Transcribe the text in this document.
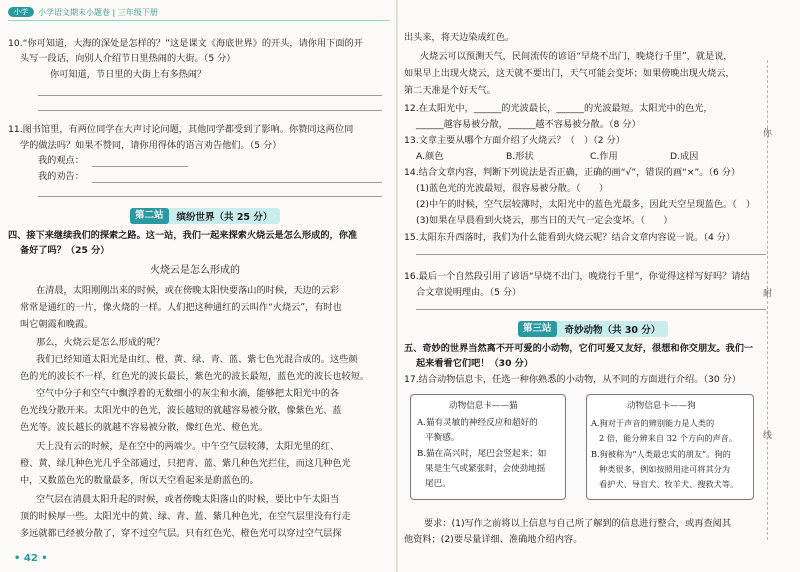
小学	小学语文期末小题卷 | 三年级下册
10.“你可知道，大海的深处是怎样的？”这是课文《海底世界》的开头，请你用下面的开
头写一段话，向别人介绍节日里热闹的大街。（5 分）
你可知道，节日里的大街上有多热闹？
11.图书馆里，有两位同学在大声讨论问题，其他同学都受到了影响。你赞同这两位同
学的做法吗？如果不赞同，请你用得体的语言劝告他们。（5 分）
我的观点：
我的劝告：
第二站	缤纷世界（共 25 分）
四、接下来继续我们的探索之路。这一站，我们一起来探索火烧云是怎么形成的，你准
备好了吗？（25 分）
火烧云是怎么形成的
在清晨，太阳刚刚出来的时候，或在傍晚太阳快要落山的时候，天边的云彩
常常是通红的一片，像火烧的一样。人们把这种通红的云叫作“火烧云”，有时也
叫它朝霞和晚霞。
那么，火烧云是怎么形成的呢？
我们已经知道太阳光是由红、橙、黄、绿、青、蓝、紫七色光混合成的。这些颜
色的光的波长不一样，红色光的波长最长，紫色光的波长最短，蓝色光的波长也较短。
空气中分子和空气中飘浮着的无数细小的灰尘和水滴，能够把太阳光中的各
色光线分散开来。太阳光中的色光，波长越短的就越容易被分散，像紫色光、蓝
色光等。波长越长的就越不容易被分散，像红色光、橙色光。
天上没有云的时候，是在空中的两端少。中午空气层较薄，太阳光里的红、
橙、黄、绿几种色光几乎全部通过，只把青、蓝、紫几种色光拦住，而这几种色光
中，又数蓝色光的数量最多，所以天空看起来是蔚蓝色的。
空气层在清晨太阳升起的时候，或者傍晚太阳落山的时候，要比中午太阳当
顶的时候厚一些。太阳光中的黄、绿、青、蓝、紫几种色光，在空气层里没有行走
多远就都已经被分散了，穿不过空气层。只有红色光、橙色光可以穿过空气层探
• 42 •
出头来，将天边染成红色。
火烧云可以预测天气，民间流传的谚语“早烧不出门，晚烧行千里”，就是说，
如果早上出现火烧云，这天就不要出门，天气可能会变坏；如果傍晚出现火烧云，
第二天准是个好天气。
12.在太阳光中，______的光波最长，______的光波最短。太阳光中的色光，
______越容易被分散，______越不容易被分散。（8 分）
13.文章主要从哪个方面介绍了火烧云？（　）（2 分）
A.颜色	B.形状	C.作用	D.成因
14.结合文章内容，判断下列说法是否正确，正确的画“√”，错误的画“×”。（6 分）
(1)蓝色光的光波最短，很容易被分散。（　　）
(2)中午的时候，空气层较薄时，太阳光中的蓝色光最多，因此天空呈现蓝色。（　）
(3)如果在早晨看到火烧云，那当日的天气一定会变坏。（　　）
15.太阳东升西落时，我们为什么能看到火烧云呢？结合文章内容说一说。（4 分）
16.最后一个自然段引用了谚语“早烧不出门，晚烧行千里”，你觉得这样写好吗？请结
合文章说明理由。（5 分）
第三站	奇妙动物（共 30 分）
五、奇妙的世界当然离不开可爱的小动物，它们可爱又友好，很想和你交朋友。我们一
起来看看它们吧！（30 分）
17.结合动物信息卡，任选一种你熟悉的小动物，从不同的方面进行介绍。（30 分）
动物信息卡——猫
A.猫有灵敏的神经反应和超好的
平衡感。
B.猫在高兴时，尾巴会竖起来；如
果是生气或紧张时，会使劲地摇
尾巴。
动物信息卡——狗
A.狗对于声音的辨别能力是人类的
2 倍，能分辨来自 32 个方向的声音。
B.狗被称为“人类最忠实的朋友”。狗的
种类很多，例如按照用途可将其分为
看护犬、导盲犬、牧羊犬、搜救犬等。
要求：(1)写作之前将以上信息与自己所了解到的信息进行整合，或再查阅其
他资料；(2)要尽量详细、准确地介绍内容。
你
耐
线
